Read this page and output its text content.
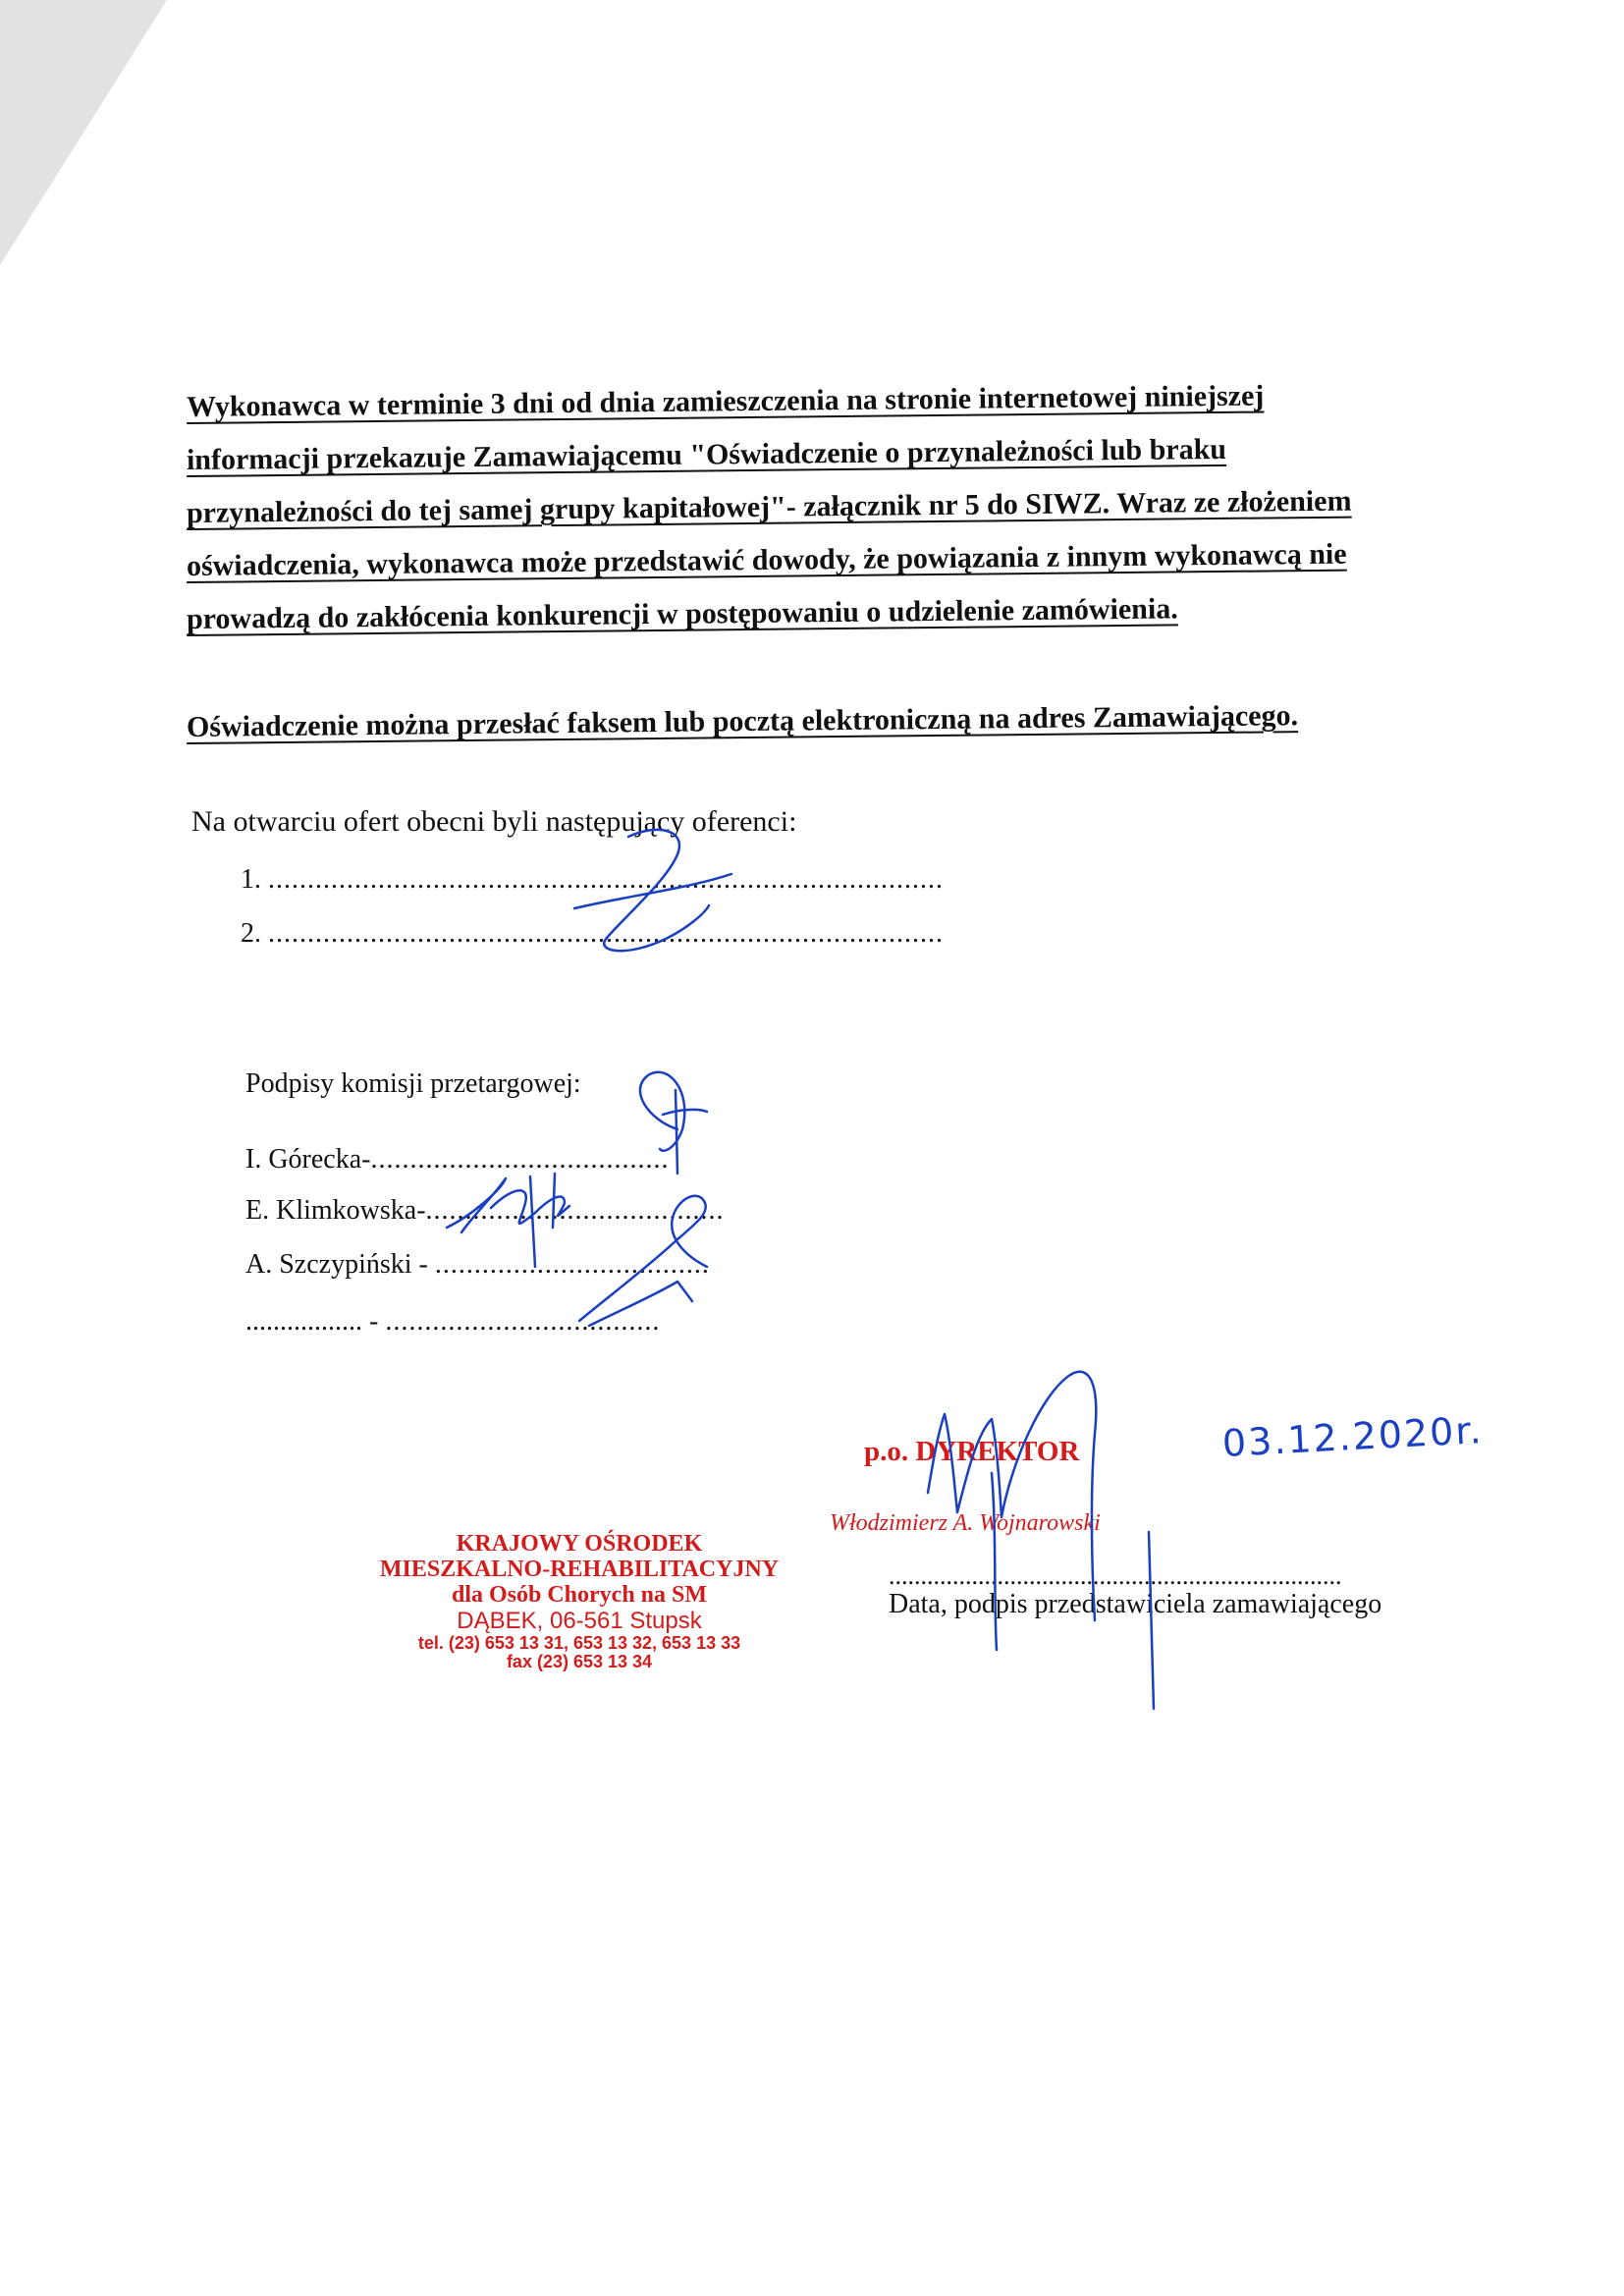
Wykonawca w terminie 3 dni od dnia zamieszczenia na stronie internetowej niniejszej
informacji przekazuje Zamawiającemu "Oświadczenie o przynależności lub braku
przynależności do tej samej grupy kapitałowej"- załącznik nr 5 do SIWZ. Wraz ze złożeniem
oświadczenia, wykonawca może przedstawić dowody, że powiązania z innym wykonawcą nie
prowadzą do zakłócenia konkurencji w postępowaniu o udzielenie zamówienia.
Oświadczenie można przesłać faksem lub pocztą elektroniczną na adres Zamawiającego.
Na otwarciu ofert obecni byli następujący oferenci:
1. ......................................................................................
2. ......................................................................................
Podpisy komisji przetargowej:
I. Górecka-......................................
E. Klimkowska-......................................
A. Szczypiński - ...................................
................. - ...................................
p.o. DYREKTOR
Włodzimierz A. Wojnarowski
03.12.2020r.
.......................................................................
Data, podpis przedstawiciela zamawiającego
KRAJOWY OŚRODEK
MIESZKALNO-REHABILITACYJNY
dla Osób Chorych na SM
DĄBEK, 06-561 Stupsk
tel. (23) 653 13 31, 653 13 32, 653 13 33
fax (23) 653 13 34
